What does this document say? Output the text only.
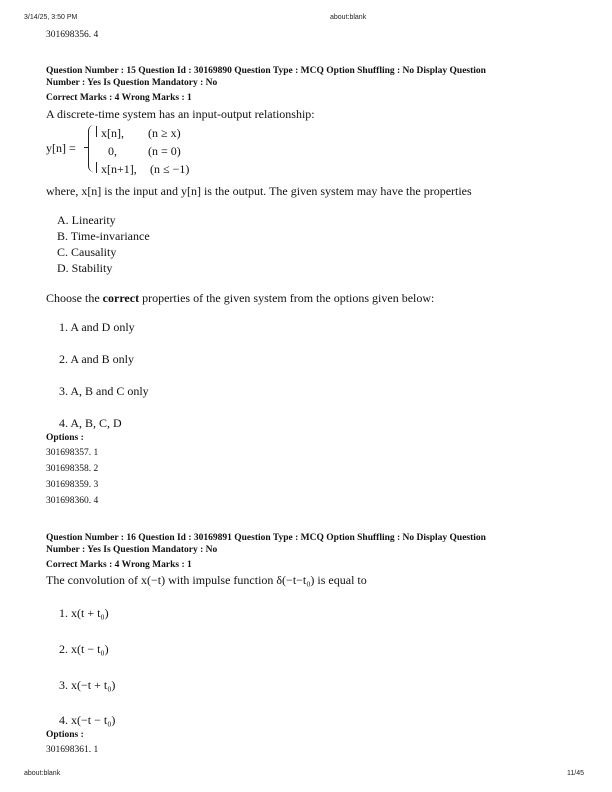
3/14/25, 3:50 PM	about:blank
301698356. 4
Question Number : 15 Question Id : 30169890 Question Type : MCQ Option Shuffling : No Display Question
Number : Yes Is Question Mandatory : No
Correct Marks : 4 Wrong Marks : 1
A discrete-time system has an input-output relationship:
y[n] =
x[n], (n ≥ x)
0,	(n = 0)
x[n+1], (n ≤ −1)
where, x[n] is the input and y[n] is the output. The given system may have the properties
A. Linearity
B. Time-invariance
C. Causality
D. Stability
Choose the correct properties of the given system from the options given below:
1. A and D only
2. A and B only
3. A, B and C only
4. A, B, C, D
Options :
301698357. 1
301698358. 2
301698359. 3
301698360. 4
Question Number : 16 Question Id : 30169891 Question Type : MCQ Option Shuffling : No Display Question
Number : Yes Is Question Mandatory : No
Correct Marks : 4 Wrong Marks : 1
The convolution of x(−t) with impulse function δ(−t−t₀) is equal to
1. x(t + t₀)
2. x(t − t₀)
3. x(−t + t₀)
4. x(−t − t₀)
Options :
301698361. 1
about:blank	11/45
